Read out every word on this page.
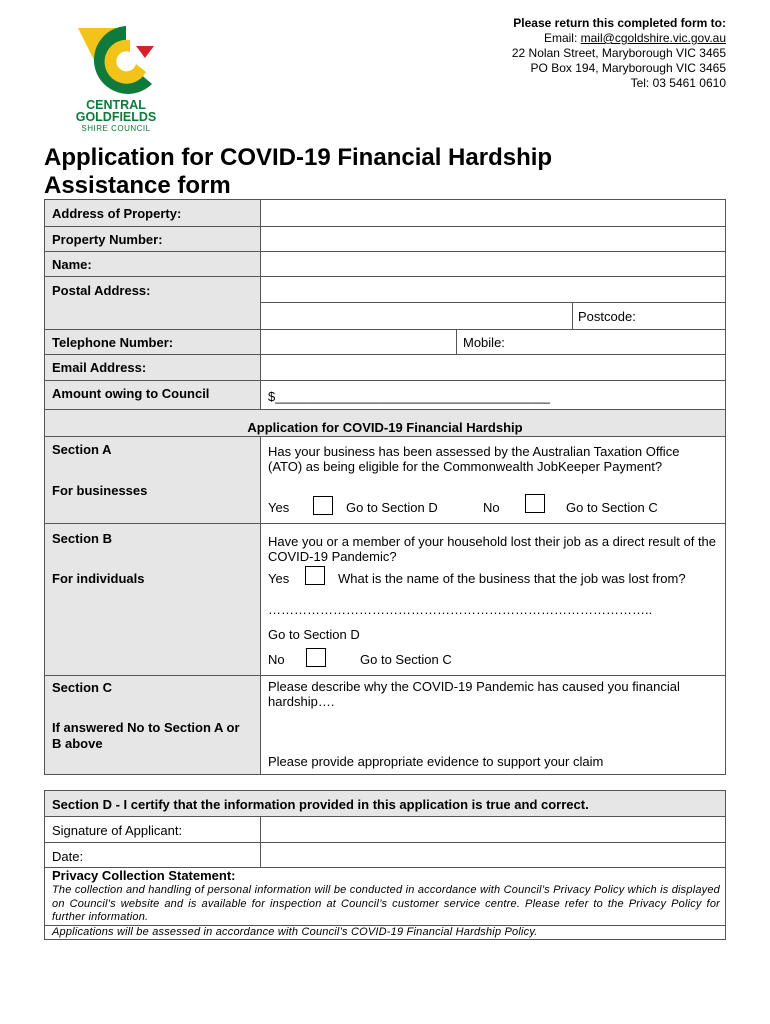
CENTRAL
GOLDFIELDS
SHIRE COUNCIL
Please return this completed form to:
Email: mail@cgoldshire.vic.gov.au
22 Nolan Street, Maryborough VIC 3465
PO Box 194, Maryborough VIC 3465
Tel: 03 5461 0610
Application for COVID-19 Financial Hardship
Assistance form
Address of Property:
Property Number:
Name:
Postal Address:
Postcode:
Telephone Number:	Mobile:
Email Address:
Amount owing to Council	$______________________________________
Application for COVID-19 Financial Hardship
Section A
For businesses
Has your business has been assessed by the Australian Taxation Office (ATO) as being eligible for the Commonwealth JobKeeper Payment?
Yes	Go to Section D	No	Go to Section C
Section B
For individuals
Have you or a member of your household lost their job as a direct result of the COVID-19 Pandemic?
Yes	What is the name of the business that the job was lost from?
……………………………………………………………………………..
Go to Section D
No	Go to Section C
Section C
If answered No to Section A or B above
Please describe why the COVID-19 Pandemic has caused you financial hardship….
Please provide appropriate evidence to support your claim
Section D - I certify that the information provided in this application is true and correct.
Signature of Applicant:
Date:
Privacy Collection Statement:
The collection and handling of personal information will be conducted in accordance with Council’s Privacy Policy which is displayed on Council’s website and is available for inspection at Council’s customer service centre. Please refer to the Privacy Policy for further information.
Applications will be assessed in accordance with Council’s COVID-19 Financial Hardship Policy.
